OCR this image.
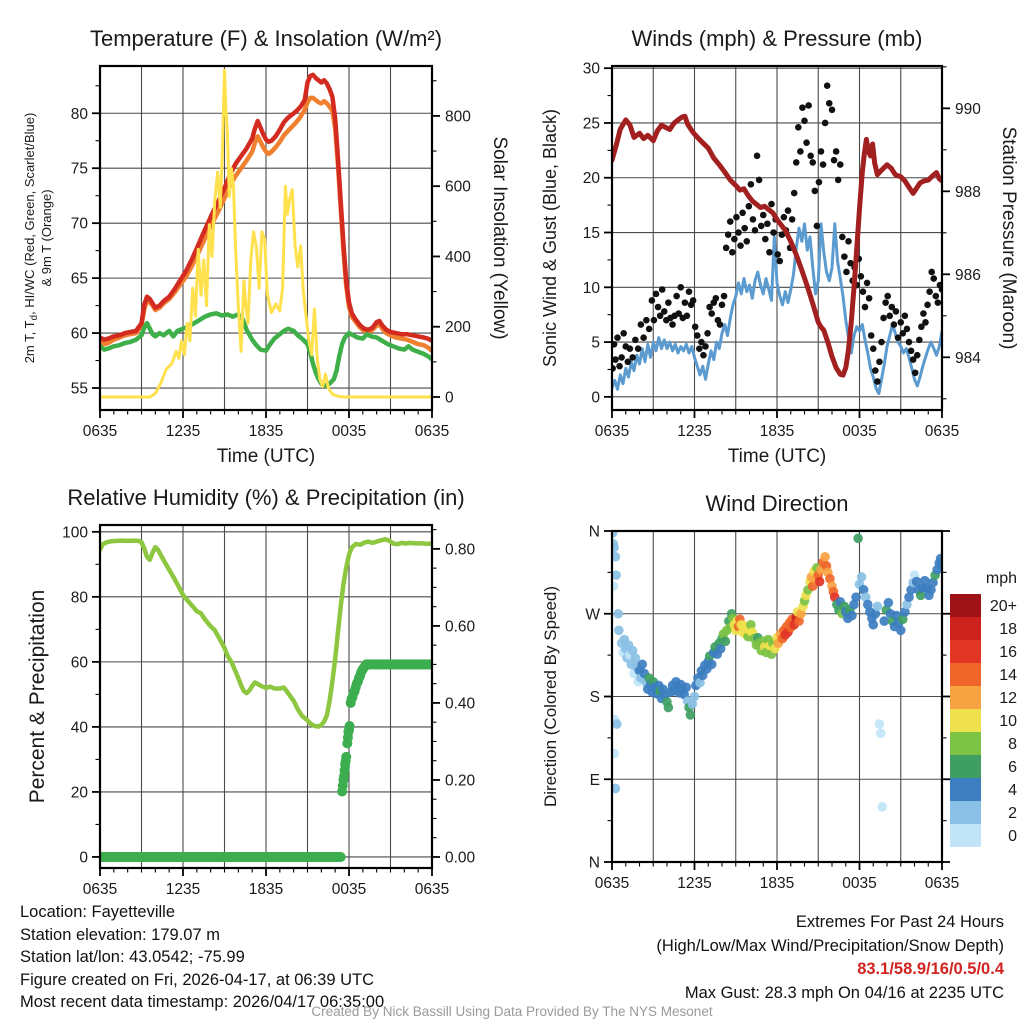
0635	1235	1835	0035	0635
Time (UTC)
55
60
65
70
75
80
2m T, $T_d$, HI/WC (Red, Green, Scarlet/Blue) & 9m T (Orange)
0
200
400
600
800
Solar Insolation (Yellow)
Temperature (F) & Insolation (W/m²)
0635	1235	1835	0035	0635
Time (UTC)
0
5
10
15
20
25
30
Sonic Wind & Gust (Blue, Black)	984
986
988
990
Station Pressure (Maroon)
Winds (mph) & Pressure (mb)
0635	1235	1835	0035	0635
0
20
40
60
80
100
Percent & Precipitation
0.00
0.20
0.40
0.60
0.80
Relative Humidity (%) & Precipitation (in)
0635	1235	1835	0035	0635
N
E
S
W
N
Direction (Colored By Speed)
Wind Direction
mph
20+
18
16
14
12
10
8
6
4
2
0
Location: Fayetteville
Station elevation: 179.07 m
Station lat/lon: 43.0542; -75.99
Figure created on Fri, 2026-04-17, at 06:39 UTC
Most recent data timestamp: 2026/04/17 06:35:00
Extremes For Past 24 Hours
(High/Low/Max Wind/Precipitation/Snow Depth)
83.1/58.9/16/0.5/0.4
Max Gust: 28.3 mph On 04/16 at 2235 UTC
Created By Nick Bassill Using Data Provided By The NYS Mesonet
